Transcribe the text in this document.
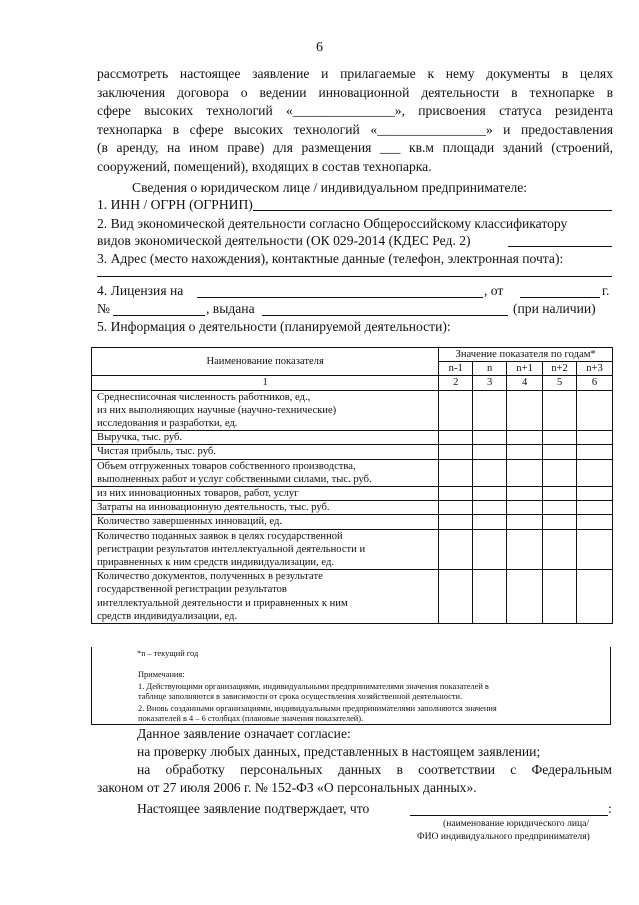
6
рассмотреть настоящее заявление и прилагаемые к нему документы в целях
заключения договора о ведении инновационной деятельности в технопарке в
сфере высоких технологий «_______________», присвоения статуса резидента
технопарка в сфере высоких технологий «________________» и предоставления
(в аренду, на ином праве) для размещения ___ кв.м площади зданий (строений,
сооружений, помещений), входящих в состав технопарка.
Сведения о юридическом лице / индивидуальном предпринимателе:
1. ИНН / ОГРН (ОГРНИП)
2. Вид экономической деятельности согласно Общероссийскому классификатору
видов экономической деятельности (ОК 029-2014 (КДЕС Ред. 2)
3. Адрес (место нахождения), контактные данные (телефон, электронная почта):
4. Лицензия на	, от	г.
№	, выдана	(при наличии)
5. Информация о деятельности (планируемой деятельности):
Наименование показателя	Значение показателя по годам*				
	n-1	n	n+1	n+2	n+3
1	2	3	4	5	6

Среднесписочная численность работников, ед.,
из них выполняющих научные (научно-технические)
исследования и разработки, ед.					

Выручка, тыс. руб.					

Чистая прибыль, тыс. руб.					

Объем отгруженных товаров собственного производства,
выполненных работ и услуг собственными силами, тыс. руб.					

из них инновационных товаров, работ, услуг					

Затраты на инновационную деятельность, тыс. руб.					

Количество завершенных инноваций, ед.					

Количество поданных заявок в целях государственной
регистрации результатов интеллектуальной деятельности и
приравненных к ним средств индивидуализации, ед.					

Количество документов, полученных в результате
государственной регистрации результатов
интеллектуальной деятельности и приравненных к ним
средств индивидуализации, ед.					

*n – текущий год
Примечания:
1. Действующими организациями, индивидуальными предпринимателями значения показателей в
таблице заполняются в зависимости от срока осуществления хозяйственной деятельности.
2. Вновь созданными организациями, индивидуальными предпринимателями заполняются значения
показателей в 4 – 6 столбцах (плановые значения показателей).
Данное заявление означает согласие:
на проверку любых данных, представленных в настоящем заявлении;
на обработку персональных данных в соответствии с Федеральным
законом от 27 июля 2006 г. № 152-ФЗ «О персональных данных».
Настоящее заявление подтверждает, что	:
(наименование юридического лица/
ФИО индивидуального предпринимателя)
